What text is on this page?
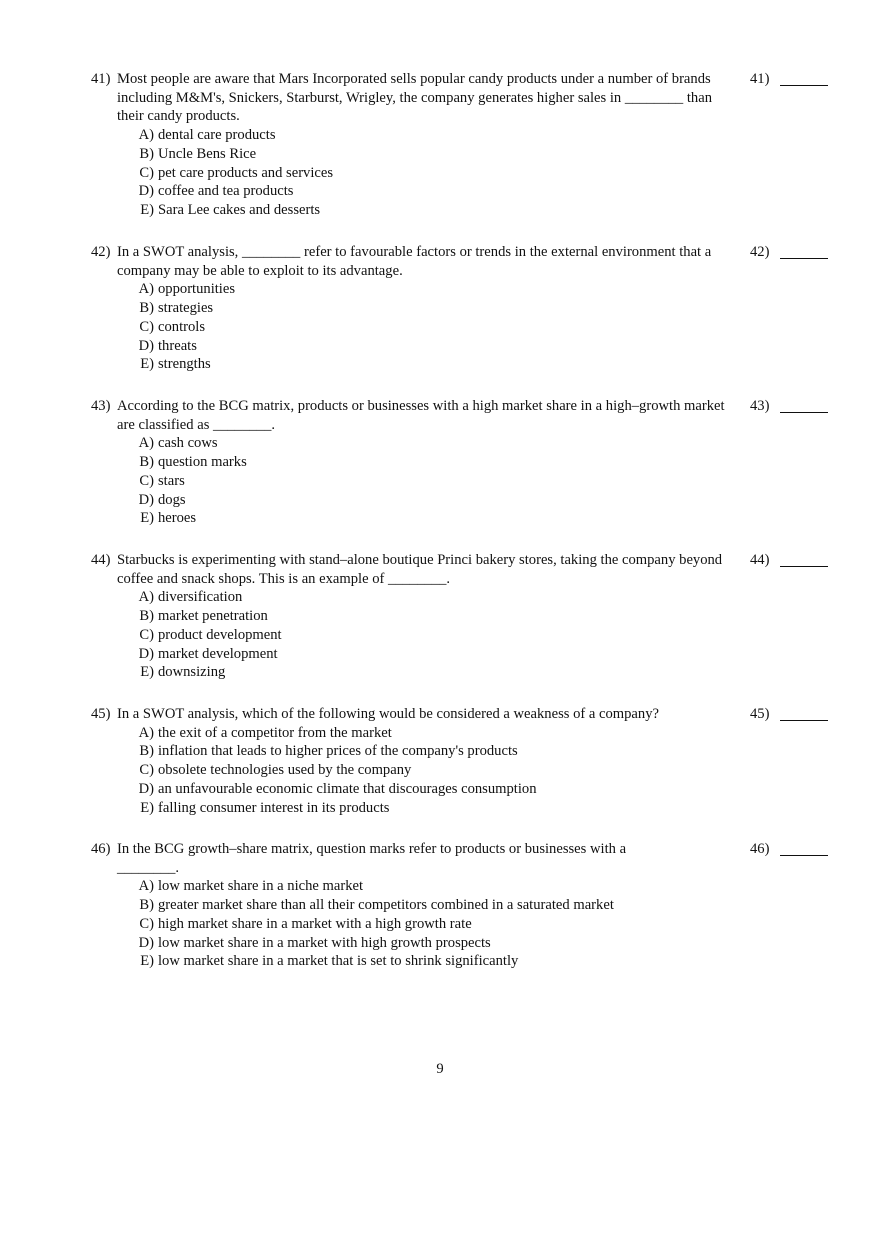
41) Most people are aware that Mars Incorporated sells popular candy products under a number of brands including M&M's, Snickers, Starburst, Wrigley, the company generates higher sales in ________ than their candy products.
A) dental care products
B) Uncle Bens Rice
C) pet care products and services
D) coffee and tea products
E) Sara Lee cakes and desserts
41)
42) In a SWOT analysis, ________ refer to favourable factors or trends in the external environment that a company may be able to exploit to its advantage.
A) opportunities
B) strategies
C) controls
D) threats
E) strengths
42)
43) According to the BCG matrix, products or businesses with a high market share in a high–growth market are classified as ________.
A) cash cows
B) question marks
C) stars
D) dogs
E) heroes
43)
44) Starbucks is experimenting with stand–alone boutique Princi bakery stores, taking the company beyond coffee and snack shops. This is an example of ________.
A) diversification
B) market penetration
C) product development
D) market development
E) downsizing
44)
45) In a SWOT analysis, which of the following would be considered a weakness of a company?
A) the exit of a competitor from the market
B) inflation that leads to higher prices of the company's products
C) obsolete technologies used by the company
D) an unfavourable economic climate that discourages consumption
E) falling consumer interest in its products
45)
46) In the BCG growth–share matrix, question marks refer to products or businesses with a ________.
A) low market share in a niche market
B) greater market share than all their competitors combined in a saturated market
C) high market share in a market with a high growth rate
D) low market share in a market with high growth prospects
E) low market share in a market that is set to shrink significantly
46)
9
